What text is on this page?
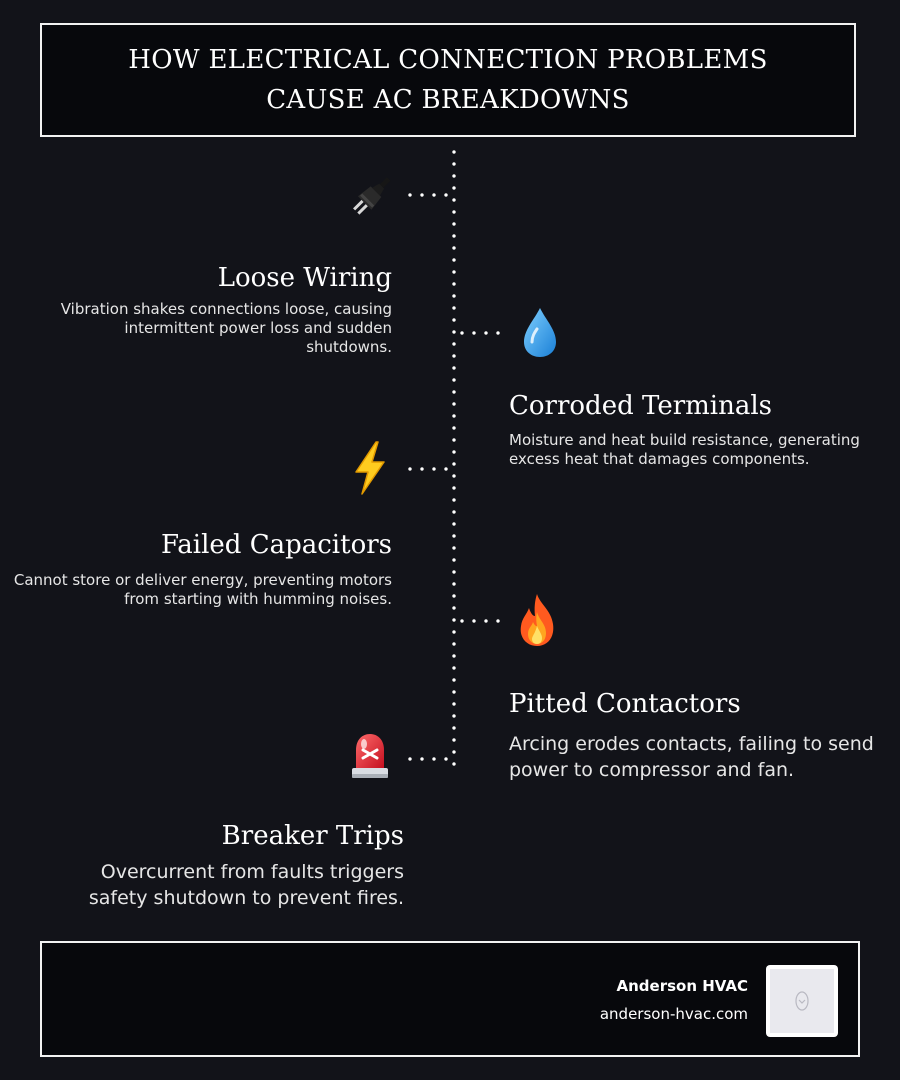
HOW ELECTRICAL CONNECTION PROBLEMS CAUSE AC BREAKDOWNS
Loose Wiring
Vibration shakes connections loose, causing intermittent power loss and sudden shutdowns.
Corroded Terminals
Moisture and heat build resistance, generating excess heat that damages components.
Failed Capacitors
Cannot store or deliver energy, preventing motors from starting with humming noises.
Pitted Contactors
Arcing erodes contacts, failing to send power to compressor and fan.
Breaker Trips
Overcurrent from faults triggers safety shutdown to prevent fires.
Anderson HVAC
anderson-hvac.com
